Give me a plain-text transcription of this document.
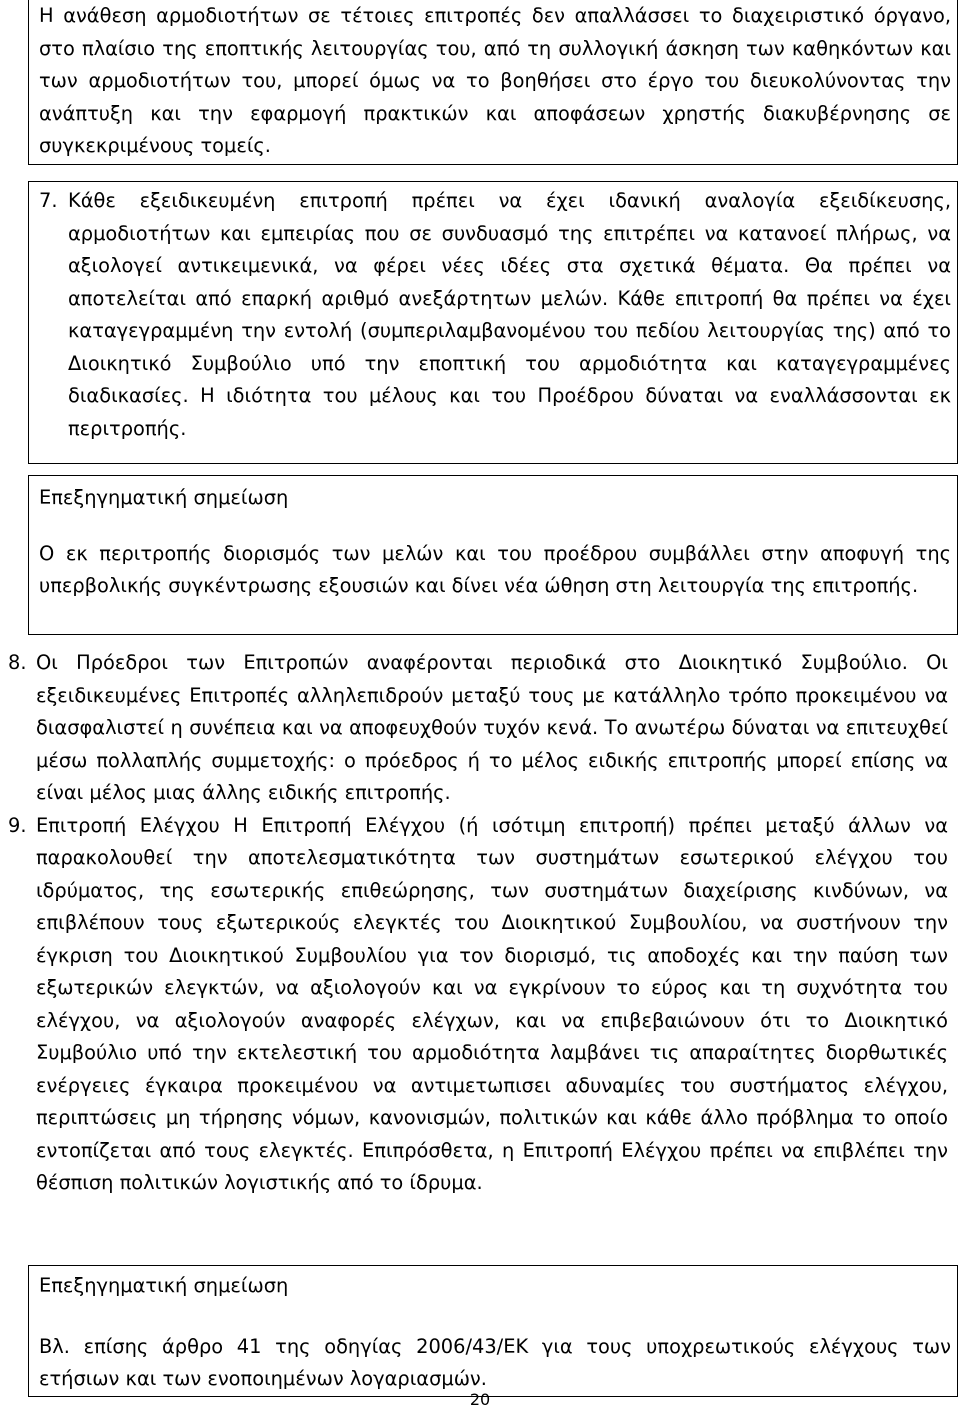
Η ανάθεση αρμοδιοτήτων σε τέτοιες επιτροπές δεν απαλλάσσει το διαχειριστικό όργανο, στο πλαίσιο της εποπτικής λειτουργίας του, από τη συλλογική άσκηση των καθηκόντων και των αρμοδιοτήτων του, μπορεί όμως να το βοηθήσει στο έργο του διευκολύνοντας την ανάπτυξη και την εφαρμογή πρακτικών και αποφάσεων χρηστής διακυβέρνησης σε συγκεκριμένους τομείς.

7. Κάθε εξειδικευμένη επιτροπή πρέπει να έχει ιδανική αναλογία εξειδίκευσης, αρμοδιοτήτων και εμπειρίας που σε συνδυασμό της επιτρέπει να κατανοεί πλήρως, να αξιολογεί αντικειμενικά, να φέρει νέες ιδέες στα σχετικά θέματα. Θα πρέπει να αποτελείται από επαρκή αριθμό ανεξάρτητων μελών. Κάθε επιτροπή θα πρέπει να έχει καταγεγραμμένη την εντολή (συμπεριλαμβανομένου του πεδίου λειτουργίας της) από το Διοικητικό Συμβούλιο υπό την εποπτική του αρμοδιότητα και καταγεγραμμένες διαδικασίες. Η ιδιότητα του μέλους και του Προέδρου δύναται να εναλλάσσονται εκ περιτροπής.

Επεξηγηματική σημείωση

Ο εκ περιτροπής διορισμός των μελών και του προέδρου συμβάλλει στην αποφυγή της υπερβολικής συγκέντρωσης εξουσιών και δίνει νέα ώθηση στη λειτουργία της επιτροπής.

8. Οι Πρόεδροι των Επιτροπών αναφέρονται περιοδικά στο Διοικητικό Συμβούλιο. Οι εξειδικευμένες Επιτροπές αλληλεπιδρούν μεταξύ τους με κατάλληλο τρόπο προκειμένου να διασφαλιστεί η συνέπεια και να αποφευχθούν τυχόν κενά. Το ανωτέρω δύναται να επιτευχθεί μέσω πολλαπλής συμμετοχής: ο πρόεδρος ή το μέλος ειδικής επιτροπής μπορεί επίσης να είναι μέλος μιας άλλης ειδικής επιτροπής.
9. Επιτροπή Ελέγχου Η Επιτροπή Ελέγχου (ή ισότιμη επιτροπή) πρέπει μεταξύ άλλων να παρακολουθεί την αποτελεσματικότητα των συστημάτων εσωτερικού ελέγχου του ιδρύματος, της εσωτερικής επιθεώρησης, των συστημάτων διαχείρισης κινδύνων, να επιβλέπουν τους εξωτερικούς ελεγκτές του Διοικητικού Συμβουλίου, να συστήνουν την έγκριση του Διοικητικού Συμβουλίου για τον διορισμό, τις αποδοχές και την παύση των εξωτερικών ελεγκτών, να αξιολογούν και να εγκρίνουν το εύρος και τη συχνότητα του ελέγχου, να αξιολογούν αναφορές ελέγχων, και να επιβεβαιώνουν ότι το Διοικητικό Συμβούλιο υπό την εκτελεστική του αρμοδιότητα λαμβάνει τις απαραίτητες διορθωτικές ενέργειες έγκαιρα προκειμένου να αντιμετωπισει αδυναμίες του συστήματος ελέγχου, περιπτώσεις μη τήρησης νόμων, κανονισμών, πολιτικών και κάθε άλλο πρόβλημα το οποίο εντοπίζεται από τους ελεγκτές. Επιπρόσθετα, η Επιτροπή Ελέγχου πρέπει να επιβλέπει την θέσπιση πολιτικών λογιστικής από το ίδρυμα.

Επεξηγηματική σημείωση

Βλ. επίσης άρθρο 41 της οδηγίας 2006/43/ΕΚ για τους υποχρεωτικούς ελέγχους των ετήσιων και των ενοποιημένων λογαριασμών.

20
